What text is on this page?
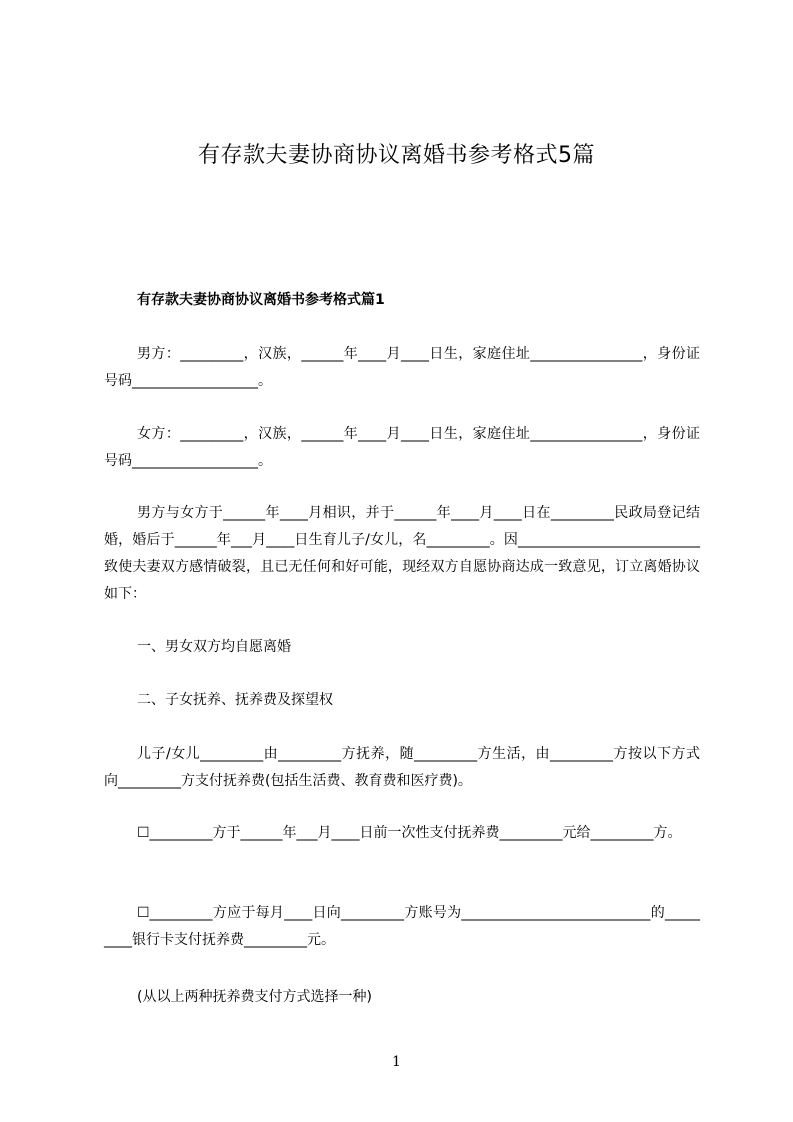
有存款夫妻协商协议离婚书参考格式5篇
有存款夫妻协商协议离婚书参考格式篇1
男方：_________，汉族，______年____月____日生，家庭住址________________，身份证号码__________________。
女方：_________，汉族，______年____月____日生，家庭住址________________，身份证号码__________________。
男方与女方于______年____月相识，并于______年____月____日在_________民政局登记结婚，婚后于______年___月____日生育儿子/女儿，名_________。因__________________________致使夫妻双方感情破裂，且已无任何和好可能，现经双方自愿协商达成一致意见，订立离婚协议如下：
一、男女双方均自愿离婚
二、子女抚养、抚养费及探望权
儿子/女儿_________由_________方抚养，随_________方生活，由_________方按以下方式向_________方支付抚养费(包括生活费、教育费和医疗费)。
☐_________方于______年___月____日前一次性支付抚养费_________元给_________方。
☐_________方应于每月____日向_________方账号为___________________________的_________银行卡支付抚养费_________元。
(从以上两种抚养费支付方式选择一种)
1
